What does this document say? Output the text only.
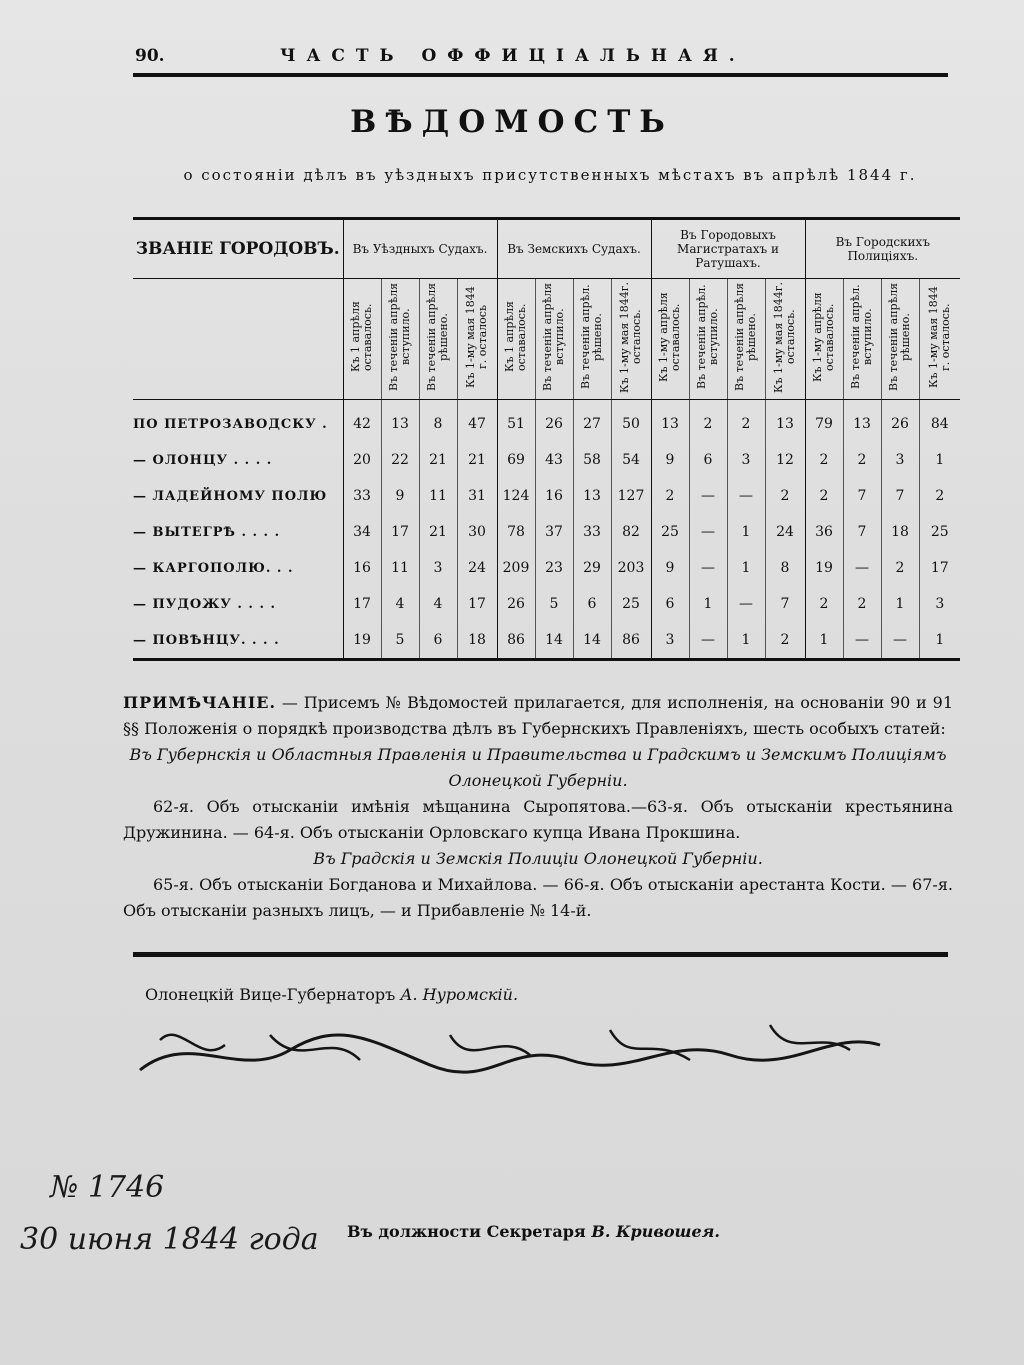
90.	ЧАСТЬ ОФФИЦІАЛЬНАЯ.
ВѢДОМОСТЬ
о состояніи дѣлъ въ уѣздныхъ присутственныхъ мѣстахъ въ апрѣлѣ 1844 г.
ЗВАНІЕ ГОРОДОВЪ.	Въ Уѣздныхъ Судахъ.				Въ Земскихъ Судахъ.				Въ Городовыхъ Магистратахъ и Ратушахъ.				Въ Городскихъ Полиціяхъ.			
	Къ 1 апрѣля оставалось.	Въ теченіи апрѣля вступило.	Въ теченіи апрѣля рѣшено.	Къ 1-му мая 1844 г. осталось	Къ 1 апрѣля оставалось.	Въ теченіи апрѣля вступило.	Въ теченіи апрѣл. рѣшено.	Къ 1-му мая 1844г. осталось.	Къ 1-му апрѣля оставалось.	Въ теченіи апрѣл. вступило.	Въ теченіи апрѣля рѣшено.	Къ 1-му мая 1844г. осталось.	Къ 1-му апрѣля оставалось.	Въ теченіи апрѣл. вступило.	Въ теченіи апрѣля рѣшено.	Къ 1-му мая 1844 г. осталось.
ПО ПЕТРОЗАВОДСКУ .	42	13	8	47	51	26	27	50	13	2	2	13	79	13	26	84
— ОЛОНЦУ . . . .	20	22	21	21	69	43	58	54	9	6	3	12	2	2	3	1
— ЛАДЕЙНОМУ ПОЛЮ	33	9	11	31	124	16	13	127	2	—	—	2	2	7	7	2
— ВЫТЕГРѢ . . . .	34	17	21	30	78	37	33	82	25	—	1	24	36	7	18	25
— КАРГОПОЛЮ. . .	16	11	3	24	209	23	29	203	9	—	1	8	19	—	2	17
— ПУДОЖУ . . . .	17	4	4	17	26	5	6	25	6	1	—	7	2	2	1	3
— ПОВѢНЦУ. . . .	19	5	6	18	86	14	14	86	3	—	1	2	1	—	—	1

ПРИМѢЧАНІЕ. — Присемъ № Вѣдомостей прилагается, для исполненія, на основаніи 90 и 91 §§ Положенія о порядкѣ производства дѣлъ въ Губернскихъ Правленіяхъ, шесть особыхъ статей:

Въ Губернскія и Областныя Правленія и Правительства и Градскимъ и Земскимъ Полиціямъ Олонецкой Губерніи.

62-я. Объ отысканіи имѣнія мѣщанина Сыропятова.—63-я. Объ отысканіи крестьянина Дружинина. — 64-я. Объ отысканіи Орловскаго купца Ивана Прокшина.

Въ Градскія и Земскія Полиціи Олонецкой Губерніи.

65-я. Объ отысканіи Богданова и Михайлова. — 66-я. Объ отысканіи арестанта Кости. — 67-я. Объ отысканіи разныхъ лицъ, — и Прибавленіе № 14-й.

Олонецкій Вице-Губернаторъ А. Нуромскій.
№ 1746
30 июня 1844 года Въ должности Секретаря В. Кривошея.
